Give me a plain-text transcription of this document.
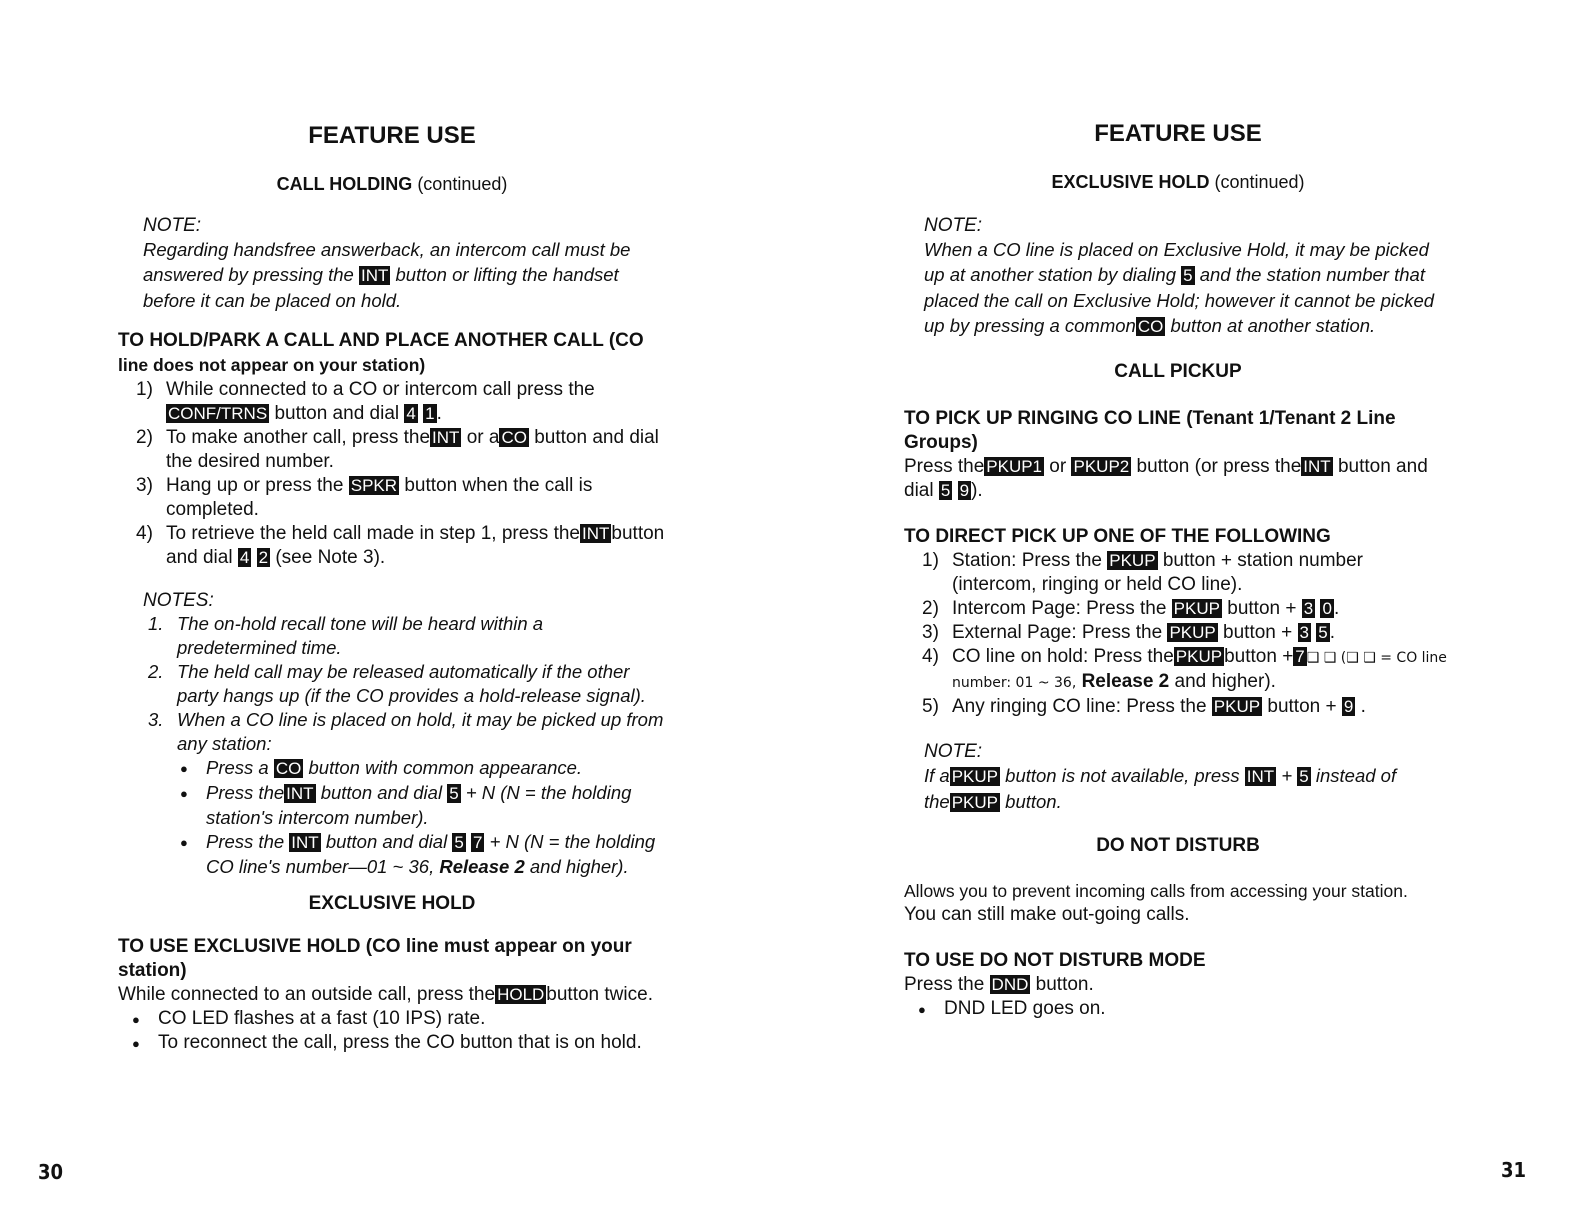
FEATURE USE

CALL HOLDING (continued)

NOTE:

Regarding handsfree answerback, an intercom call must be answered by pressing the INT button or lifting the handset before it can be placed on hold.

TO HOLD/PARK A CALL AND PLACE ANOTHER CALL (CO
line does not appear on your station)

1) While connected to a CO or intercom call press the CONF/TRNS button and dial 4 1 .
2) To make another call, press the INT or a CO button and dial the desired number.
3) Hang up or press the SPKR button when the call is completed.
4) To retrieve the held call made in step 1, press the INT button and dial 4 2 (see Note 3).

NOTES:

1. The on-hold recall tone will be heard within a predetermined time.
2. The held call may be released automatically if the other party hangs up (if the CO provides a hold-release signal).
3. When a CO line is placed on hold, it may be picked up from any station:
● Press a CO button with common appearance.
● Press the INT button and dial 5 + N (N = the holding station's intercom number).
● Press the INT button and dial 5 7 + N (N = the holding CO line's number—01 ~ 36, Release 2 and higher).

EXCLUSIVE HOLD

TO USE EXCLUSIVE HOLD (CO line must appear on your station)

While connected to an outside call, press the HOLD button twice.

● CO LED flashes at a fast (10 IPS) rate.
● To reconnect the call, press the CO button that is on hold.
30
FEATURE USE

EXCLUSIVE HOLD (continued)

NOTE:

When a CO line is placed on Exclusive Hold, it may be picked up at another station by dialing 5 and the station number that placed the call on Exclusive Hold; however it cannot be picked up by pressing a common CO button at another station.

CALL PICKUP

TO PICK UP RINGING CO LINE (Tenant 1/Tenant 2 Line Groups)

Press the PKUP1 or PKUP2 button (or press the INT button and dial 5 9 ).

TO DIRECT PICK UP ONE OF THE FOLLOWING

1) Station: Press the PKUP button + station number (intercom, ringing or held CO line).
2) Intercom Page: Press the PKUP button + 3 0 .
3) External Page: Press the PKUP button + 3 5 .
4) CO line on hold: Press the PKUP button + 7 ❑ ❑ (❑ ❑ = CO line number: 01 ~ 36, Release 2 and higher).
5) Any ringing CO line: Press the PKUP button + 9 .

NOTE:

If a PKUP button is not available, press INT + 5 instead of the PKUP button.

DO NOT DISTURB

Allows you to prevent incoming calls from accessing your station.

You can still make out-going calls.

TO USE DO NOT DISTURB MODE

Press the DND button.

● DND LED goes on.
31
